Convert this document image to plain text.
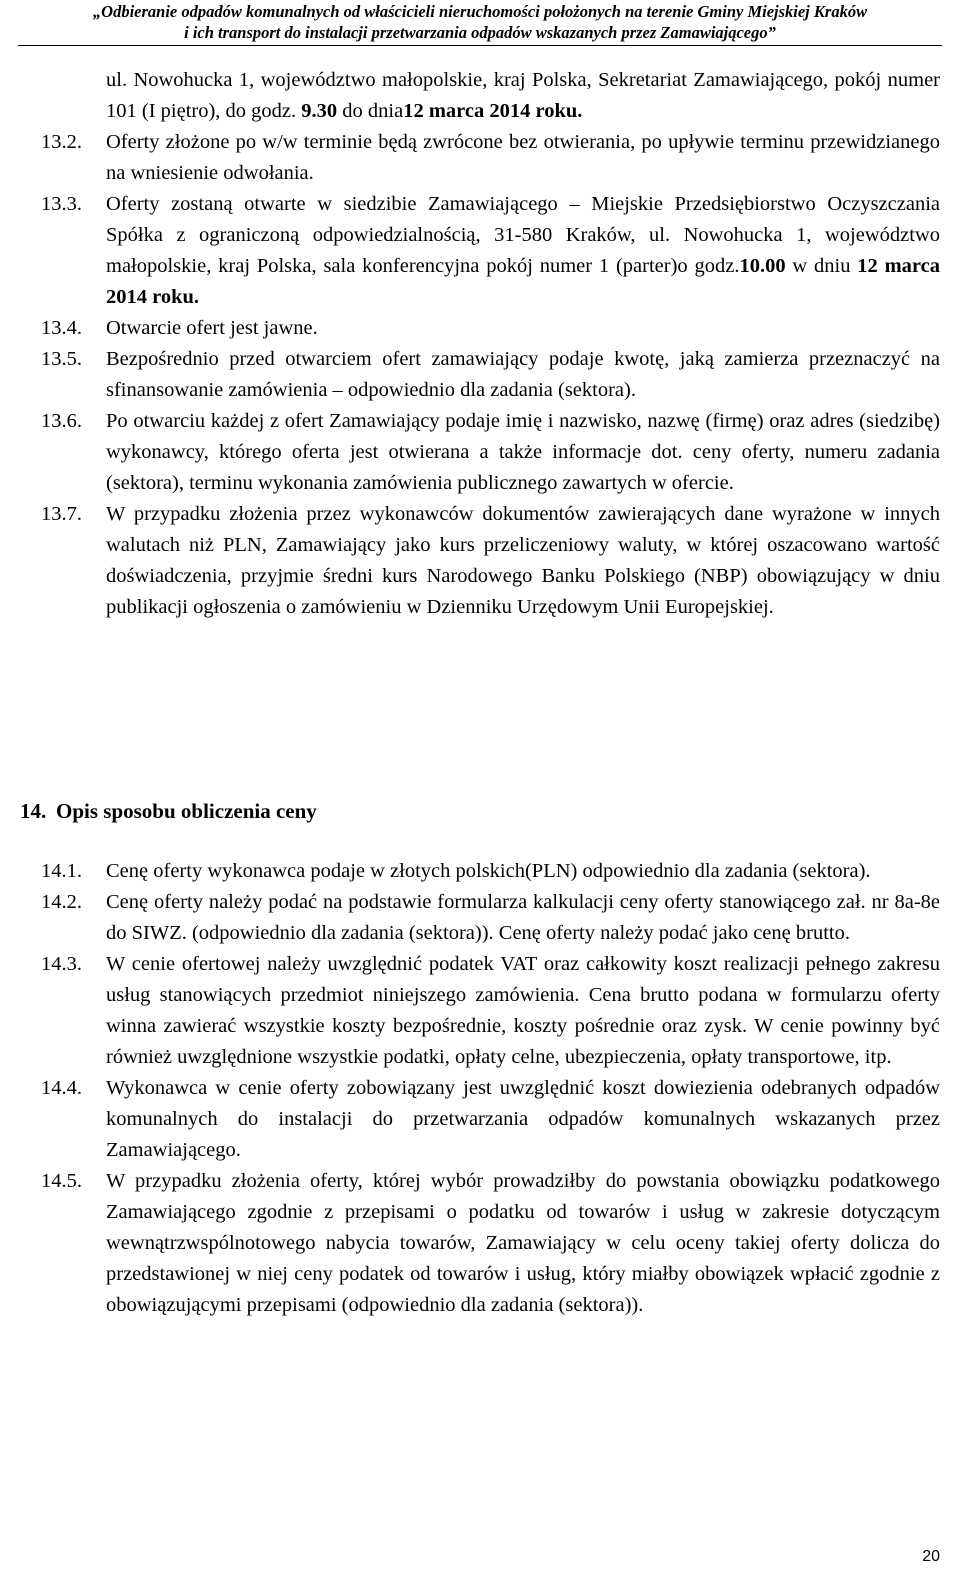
„Odbieranie odpadów komunalnych od właścicieli nieruchomości położonych na terenie Gminy Miejskiej Kraków
i ich transport do instalacji przetwarzania odpadów wskazanych przez Zamawiającego”

ul. Nowohucka 1, województwo małopolskie, kraj Polska, Sekretariat Zamawiającego, pokój numer 101 (I piętro), do godz. 9.30 do dnia12 marca 2014 roku.

13.2.	Oferty złożone po w/w terminie będą zwrócone bez otwierania, po upływie terminu przewidzianego na wniesienie odwołania.
13.3.	Oferty zostaną otwarte w siedzibie Zamawiającego – Miejskie Przedsiębiorstwo Oczyszczania Spółka z ograniczoną odpowiedzialnością, 31-580 Kraków, ul. Nowohucka 1, województwo małopolskie, kraj Polska, sala konferencyjna pokój numer 1 (parter)o godz.10.00 w dniu 12 marca 2014 roku.
13.4.	Otwarcie ofert jest jawne.
13.5.	Bezpośrednio przed otwarciem ofert zamawiający podaje kwotę, jaką zamierza przeznaczyć na sfinansowanie zamówienia – odpowiednio dla zadania (sektora).
13.6.	Po otwarciu każdej z ofert Zamawiający podaje imię i nazwisko, nazwę (firmę) oraz adres (siedzibę) wykonawcy, którego oferta jest otwierana a także informacje dot. ceny oferty, numeru zadania (sektora), terminu wykonania zamówienia publicznego zawartych w ofercie.
13.7.	W przypadku złożenia przez wykonawców dokumentów zawierających dane wyrażone w innych walutach niż PLN, Zamawiający jako kurs przeliczeniowy waluty, w której oszacowano wartość doświadczenia, przyjmie średni kurs Narodowego Banku Polskiego (NBP) obowiązujący w dniu publikacji ogłoszenia o zamówieniu w Dzienniku Urzędowym Unii Europejskiej.
14. Opis sposobu obliczenia ceny
14.1.	Cenę oferty wykonawca podaje w złotych polskich(PLN) odpowiednio dla zadania (sektora).
14.2.	Cenę oferty należy podać na podstawie formularza kalkulacji ceny oferty stanowiącego zał. nr 8a-8e do SIWZ. (odpowiednio dla zadania (sektora)). Cenę oferty należy podać jako cenę brutto.
14.3.	W cenie ofertowej należy uwzględnić podatek VAT oraz całkowity koszt realizacji pełnego zakresu usług stanowiących przedmiot niniejszego zamówienia. Cena brutto podana w formularzu oferty winna zawierać wszystkie koszty bezpośrednie, koszty pośrednie oraz zysk. W cenie powinny być również uwzględnione wszystkie podatki, opłaty celne, ubezpieczenia, opłaty transportowe, itp.
14.4.	Wykonawca w cenie oferty zobowiązany jest uwzględnić koszt dowiezienia odebranych odpadów komunalnych do instalacji do przetwarzania odpadów komunalnych wskazanych przez Zamawiającego.
14.5.	W przypadku złożenia oferty, której wybór prowadziłby do powstania obowiązku podatkowego Zamawiającego zgodnie z przepisami o podatku od towarów i usług w zakresie dotyczącym wewnątrzwspólnotowego nabycia towarów, Zamawiający w celu oceny takiej oferty dolicza do przedstawionej w niej ceny podatek od towarów i usług, który miałby obowiązek wpłacić zgodnie z obowiązującymi przepisami (odpowiednio dla zadania (sektora)).
20
